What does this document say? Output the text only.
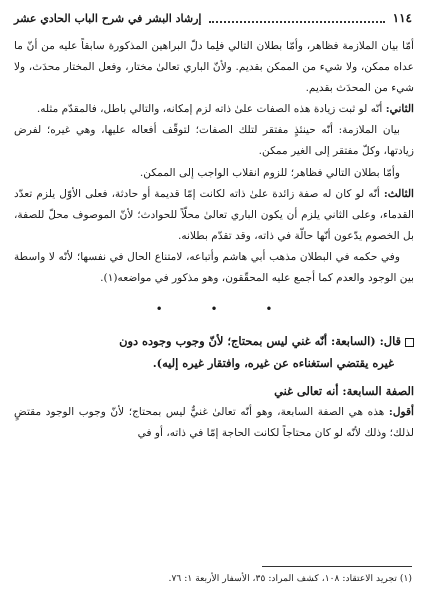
١١٤
إرشاد البشر في شرح الباب الحادي عشر

أمّا بيان الملازمة فظاهر، وأمّا بطلان التالي فلِما دلّ البراهين المذكورة سابقاً عليه من أنّ ما عداه ممكن، ولا شيء من الممكن بقديم. ولأنّ الباري تعالىٰ مختار، وفعل المختار محدَث، ولا شيء من المحدَث بقديم.

الثاني: أنّه لو ثبت زيادة هذه الصفات علىٰ ذاته لزم إمكانه، والتالي باطل، فالمقدّم مثله.

بيان الملازمة: أنّه حينئذٍ مفتقر لتلك الصفات؛ لتوقّف أفعاله عليها، وهي غيره؛ لفرض زيادتها، وكلّ مفتقر إلى الغير ممكن.

وأمّا بطلان التالي فظاهر؛ للزوم انقلاب الواجب إلى الممكن.

الثالث: أنّه لو كان له صفة زائدة علىٰ ذاته لكانت إمّا قديمة أو حادثة، فعلى الأوّل يلزم تعدّد القدماء، وعلى الثاني يلزم أن يكون الباري تعالىٰ محلّاً للحوادث؛ لأنّ الموصوف محلّ للصفة، بل الخصوم يدّعون أنّها حالّة في ذاته، وقد تقدّم بطلانه.

وفي حكمه في البطلان مذهب أبي هاشم وأتباعه، لامتناع الحال في نفسها؛ لأنّه لا واسطة بين الوجود والعدم كما أجمع عليه المحقّقون، وهو مذكور في مواضعه(١).

• • •
قال: (السابعة: أنّه غني ليس بمحتاج؛ لأنّ وجوب وجوده دون
غيره يقتضي استغناءه عن غيره، وافتقار غيره إليه).
الصفة السابعة: أنه تعالى غني

أقول: هذه هي الصفة السابعة، وهو أنّه تعالىٰ غنيٌّ ليس بمحتاج؛ لأنّ وجوب الوجود مقتضٍ لذلك؛ وذلك لأنّه لو كان محتاجاً لكانت الحاجة إمّا في ذاته، أو في

(١) تجريد الاعتقاد: ١٠٨، كشف المراد: ٣٥، الأسفار الأربعة ١: ٧٦.
